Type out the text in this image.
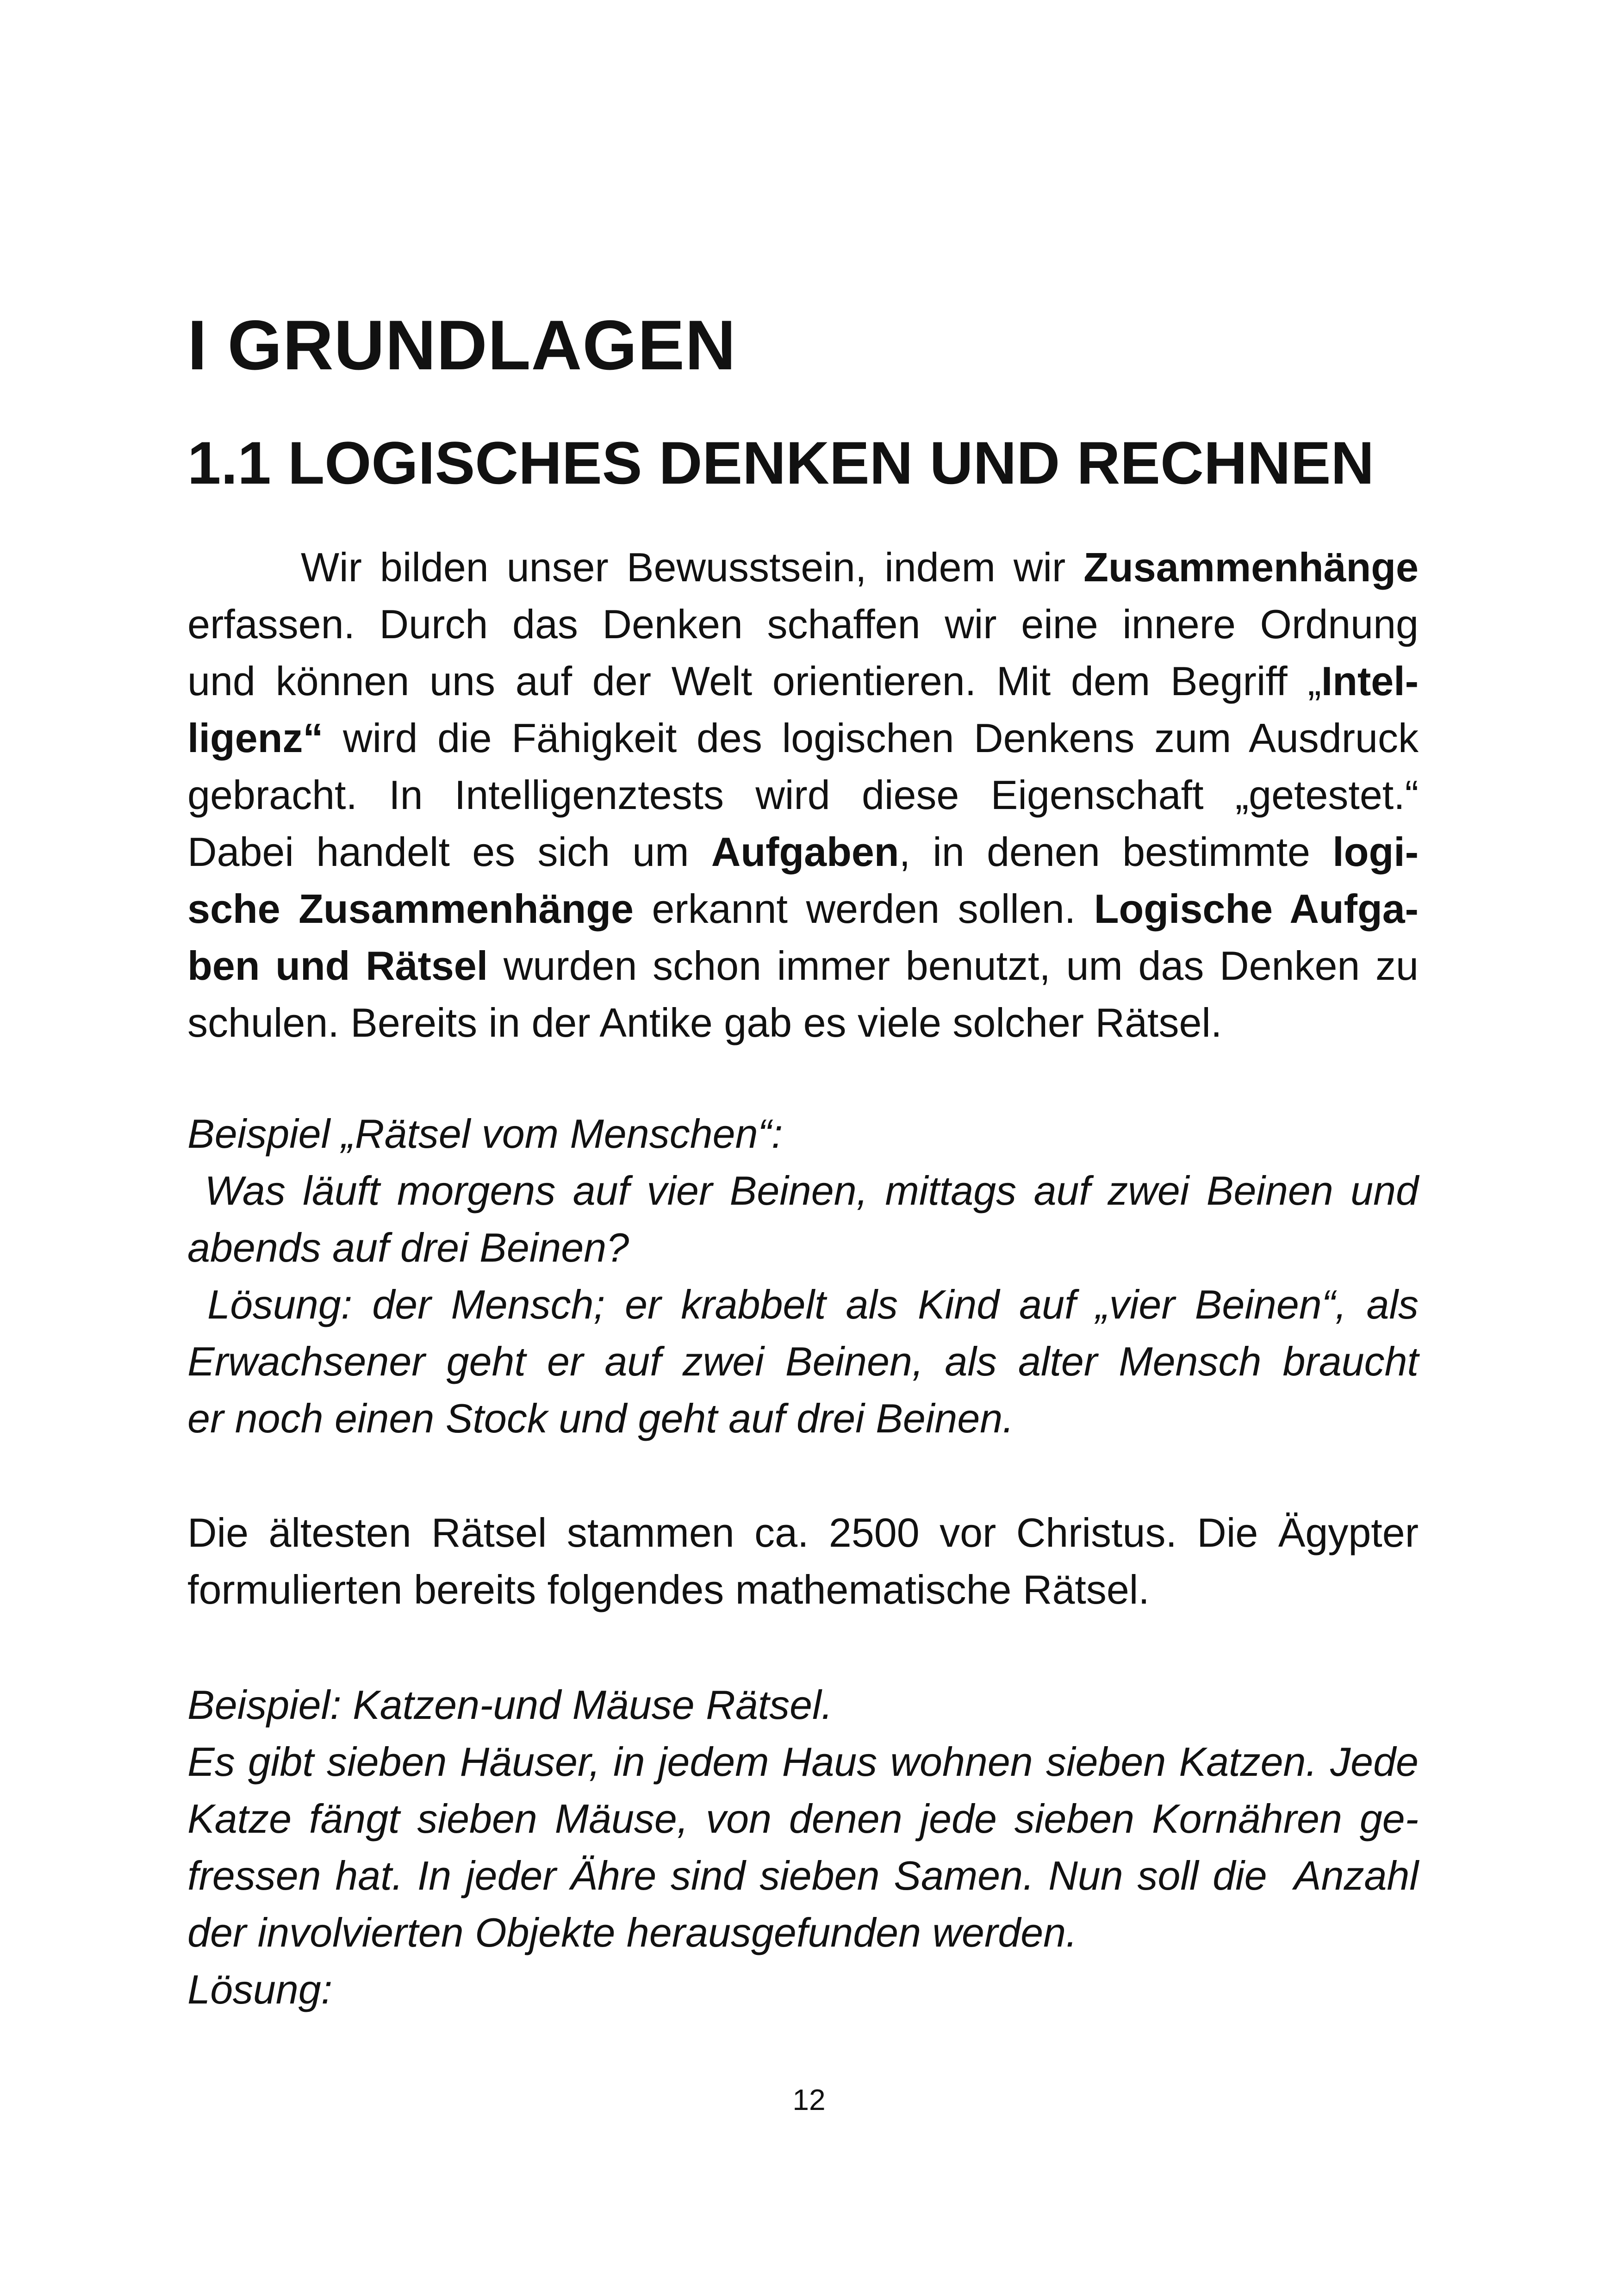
I GRUNDLAGEN
1.1 LOGISCHES DENKEN UND RECHNEN
Wir bilden unser Bewusstsein, indem wir Zusammenhänge
erfassen. Durch das Denken schaffen wir eine innere Ordnung
und können uns auf der Welt orientieren. Mit dem Begriff „Intel-
ligenz“ wird die Fähigkeit des logischen Denkens zum Ausdruck
gebracht. In Intelligenztests wird diese Eigenschaft „getestet.“
Dabei handelt es sich um Aufgaben, in denen bestimmte logi-
sche Zusammenhänge erkannt werden sollen. Logische Aufga-
ben und Rätsel wurden schon immer benutzt, um das Denken zu
schulen. Bereits in der Antike gab es viele solcher Rätsel.
Beispiel „Rätsel vom Menschen“:
Was läuft morgens auf vier Beinen, mittags auf zwei Beinen und
abends auf drei Beinen?
Lösung: der Mensch; er krabbelt als Kind auf „vier Beinen“, als
Erwachsener geht er auf zwei Beinen, als alter Mensch braucht
er noch einen Stock und geht auf drei Beinen.
Die ältesten Rätsel stammen ca. 2500 vor Christus. Die Ägypter
formulierten bereits folgendes mathematische Rätsel.
Beispiel: Katzen-und Mäuse Rätsel.
Es gibt sieben Häuser, in jedem Haus wohnen sieben Katzen. Jede
Katze fängt sieben Mäuse, von denen jede sieben Kornähren ge-
fressen hat. In jeder Ähre sind sieben Samen. Nun soll die  Anzahl
der involvierten Objekte herausgefunden werden.
Lösung:
12
